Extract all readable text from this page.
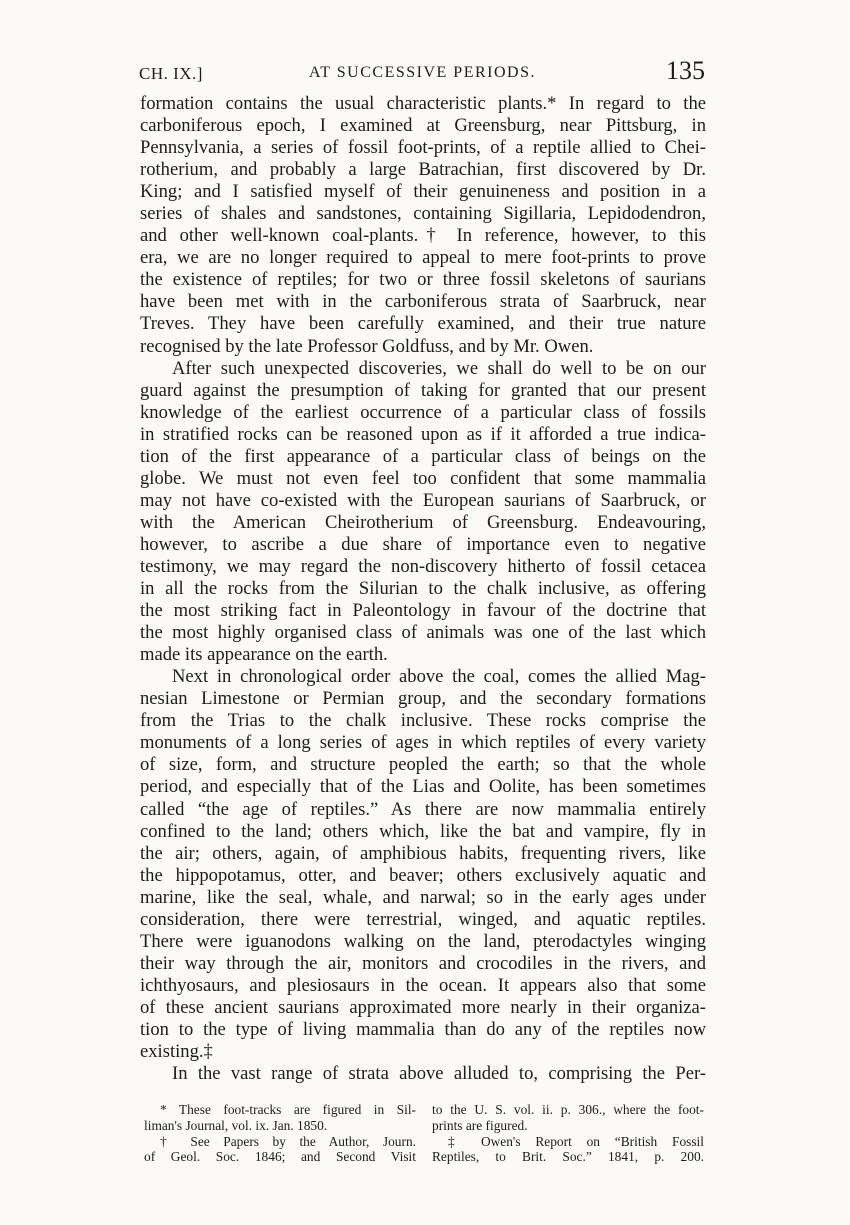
CH. IX.]	AT SUCCESSIVE PERIODS.	135
formation contains the usual characteristic plants.* In regard to the
carboniferous epoch, I examined at Greensburg, near Pittsburg, in
Pennsylvania, a series of fossil foot-prints, of a reptile allied to Chei-
rotherium, and probably a large Batrachian, first discovered by Dr.
King; and I satisfied myself of their genuineness and position in a
series of shales and sandstones, containing Sigillaria, Lepidodendron,
and other well-known coal-plants.† In reference, however, to this
era, we are no longer required to appeal to mere foot-prints to prove
the existence of reptiles; for two or three fossil skeletons of saurians
have been met with in the carboniferous strata of Saarbruck, near
Treves. They have been carefully examined, and their true nature
recognised by the late Professor Goldfuss, and by Mr. Owen.
After such unexpected discoveries, we shall do well to be on our
guard against the presumption of taking for granted that our present
knowledge of the earliest occurrence of a particular class of fossils
in stratified rocks can be reasoned upon as if it afforded a true indica-
tion of the first appearance of a particular class of beings on the
globe. We must not even feel too confident that some mammalia
may not have co-existed with the European saurians of Saarbruck, or
with the American Cheirotherium of Greensburg. Endeavouring,
however, to ascribe a due share of importance even to negative
testimony, we may regard the non-discovery hitherto of fossil cetacea
in all the rocks from the Silurian to the chalk inclusive, as offering
the most striking fact in Paleontology in favour of the doctrine that
the most highly organised class of animals was one of the last which
made its appearance on the earth.
Next in chronological order above the coal, comes the allied Mag-
nesian Limestone or Permian group, and the secondary formations
from the Trias to the chalk inclusive. These rocks comprise the
monuments of a long series of ages in which reptiles of every variety
of size, form, and structure peopled the earth; so that the whole
period, and especially that of the Lias and Oolite, has been sometimes
called “the age of reptiles.” As there are now mammalia entirely
confined to the land; others which, like the bat and vampire, fly in
the air; others, again, of amphibious habits, frequenting rivers, like
the hippopotamus, otter, and beaver; others exclusively aquatic and
marine, like the seal, whale, and narwal; so in the early ages under
consideration, there were terrestrial, winged, and aquatic reptiles.
There were iguanodons walking on the land, pterodactyles winging
their way through the air, monitors and crocodiles in the rivers, and
ichthyosaurs, and plesiosaurs in the ocean. It appears also that some
of these ancient saurians approximated more nearly in their organiza-
tion to the type of living mammalia than do any of the reptiles now
existing.‡
In the vast range of strata above alluded to, comprising the Per-
* These foot-tracks are figured in Sil-
liman's Journal, vol. ix. Jan. 1850.
† See Papers by the Author, Journ.
of Geol. Soc. 1846; and Second Visit
to the U. S. vol. ii. p. 306., where the foot-
prints are figured.
‡ Owen's Report on “British Fossil
Reptiles, to Brit. Soc.” 1841, p. 200.
